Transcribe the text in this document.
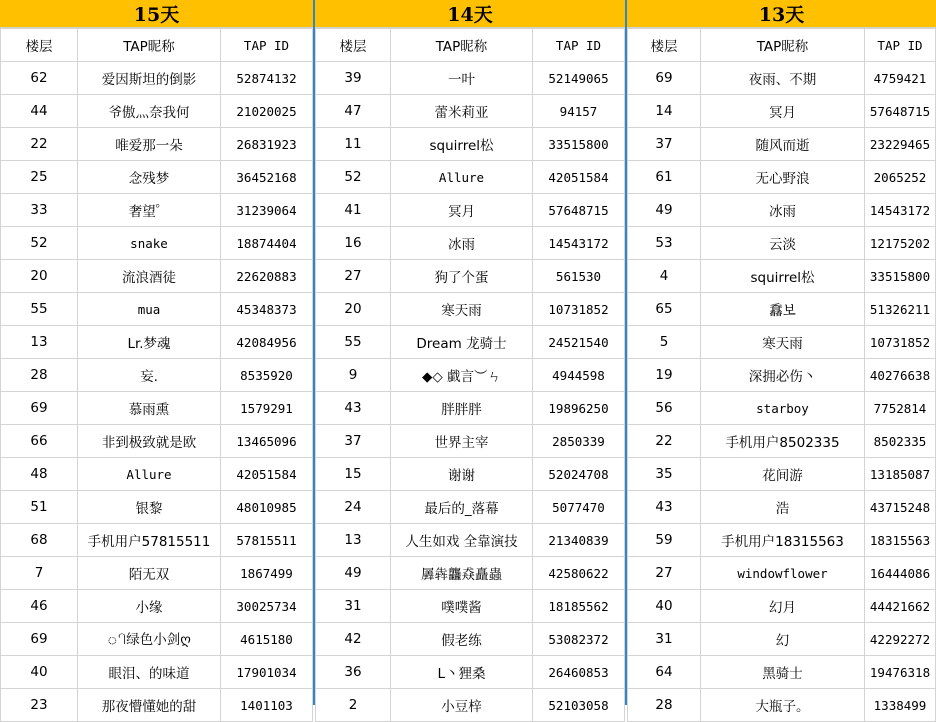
15天
楼层	TAP昵称	TAP ID
62	爱因斯坦的倒影	52874132
44	爷傲灬奈我何	21020025
22	唯爱那一朵	26831923
25	念残梦	36452168
33	奢望゜	31239064
52	snake	18874404
20	流浪酒徒	22620883
55	mua	45348373
13	Lr.梦魂	42084956
28	妄.	8535920
69	慕雨熏	1579291
66	非到极致就是欧	13465096
48	Allure	42051584
51	银黎	48010985
68	手机用户57815511	57815511
7	陌无双	1867499
46	小缘	30025734
69	ி绿色小剑ღ	4615180
40	眼泪、的味道	17901034
23	那夜懵懂她的甜	1401103
14天
楼层	TAP昵称	TAP ID
39	一叶	52149065
47	蕾米莉亚	94157
11	squirrel松	33515800
52	Allure	42051584
41	冥月	57648715
16	冰雨	14543172
27	狗了个蛋	561530
20	寒天雨	10731852
55	Dream 龙骑士	24521540
9	◆◇ 戱言︶ㄣ	4944598
43	胖胖胖	19896250
37	世界主宰	2850339
15	谢谢	52024708
24	最后的_落幕	5077470
13	人生如戏 全靠演技	21340839
49	羼犇龘猋矗蟲	42580622
31	噗噗酱	18185562
42	假老练	53082372
36	L丶狸桑	26460853
2	小豆梓	52103058
13天
楼层	TAP昵称	TAP ID
69	夜雨、不期	4759421
14	冥月	57648715
37	随风而逝	23229465
61	无心野浪	2065252
49	冰雨	14543172
53	云淡	12175202
4	squirrel松	33515800
65	馫보	51326211
5	寒天雨	10731852
19	深拥必伤丶	40276638
56	starboy	7752814
22	手机用户8502335	8502335
35	花间游	13185087
43	浩	43715248
59	手机用户18315563	18315563
27	windowflower	16444086
40	幻月	44421662
31	幻	42292272
64	黑骑士	19476318
28	大瓶子。	1338499
